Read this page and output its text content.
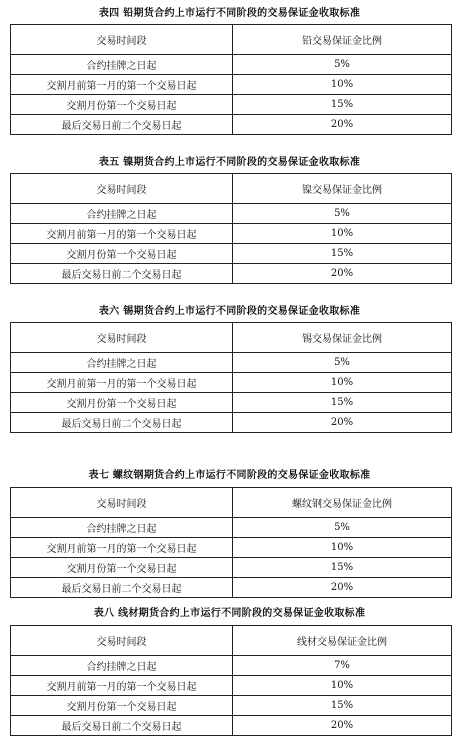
表四 铅期货合约上市运行不同阶段的交易保证金收取标准
交易时间段	铅交易保证金比例
合约挂牌之日起	5%
交割月前第一月的第一个交易日起	10%
交割月份第一个交易日起	15%
最后交易日前二个交易日起	20%
表五 镍期货合约上市运行不同阶段的交易保证金收取标准
交易时间段	镍交易保证金比例
合约挂牌之日起	5%
交割月前第一月的第一个交易日起	10%
交割月份第一个交易日起	15%
最后交易日前二个交易日起	20%
表六 锡期货合约上市运行不同阶段的交易保证金收取标准
交易时间段	锡交易保证金比例
合约挂牌之日起	5%
交割月前第一月的第一个交易日起	10%
交割月份第一个交易日起	15%
最后交易日前二个交易日起	20%
表七 螺纹钢期货合约上市运行不同阶段的交易保证金收取标准
交易时间段	螺纹钢交易保证金比例
合约挂牌之日起	5%
交割月前第一月的第一个交易日起	10%
交割月份第一个交易日起	15%
最后交易日前二个交易日起	20%
表八 线材期货合约上市运行不同阶段的交易保证金收取标准
交易时间段	线材交易保证金比例
合约挂牌之日起	7%
交割月前第一月的第一个交易日起	10%
交割月份第一个交易日起	15%
最后交易日前二个交易日起	20%
